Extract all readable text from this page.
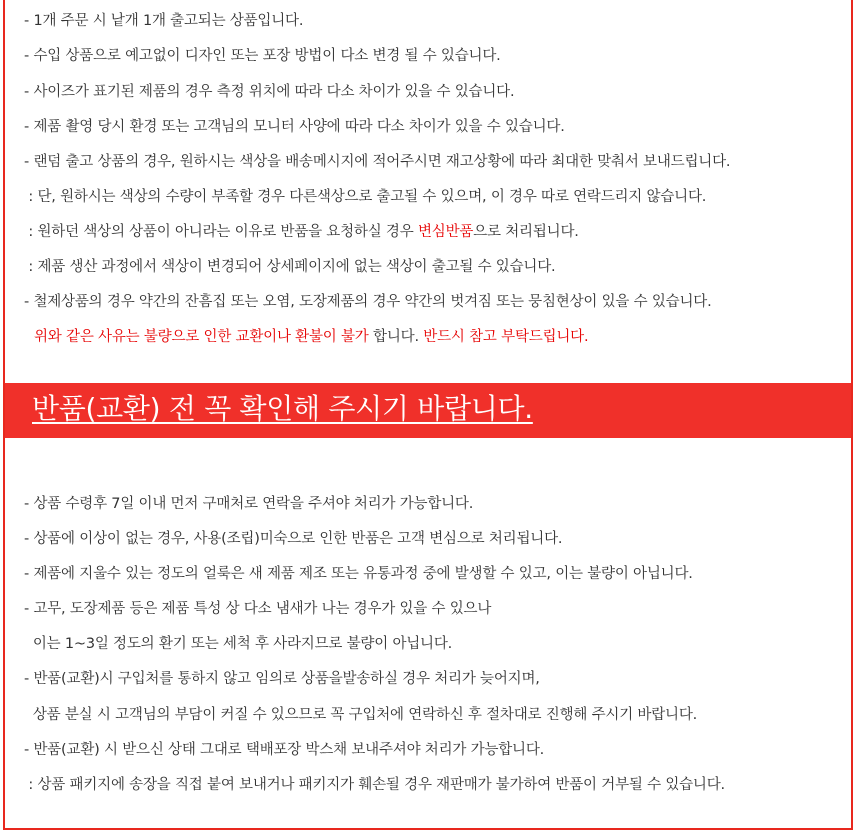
- 1개 주문 시 낱개 1개 출고되는 상품입니다.
- 수입 상품으로 예고없이 디자인 또는 포장 방법이 다소 변경 될 수 있습니다.
- 사이즈가 표기된 제품의 경우 측정 위치에 따라 다소 차이가 있을 수 있습니다.
- 제품 촬영 당시 환경 또는 고객님의 모니터 사양에 따라 다소 차이가 있을 수 있습니다.
- 랜덤 출고 상품의 경우, 원하시는 색상을 배송메시지에 적어주시면 재고상황에 따라 최대한 맞춰서 보내드립니다.
: 단, 원하시는 색상의 수량이 부족할 경우 다른색상으로 출고될 수 있으며, 이 경우 따로 연락드리지 않습니다.
: 원하던 색상의 상품이 아니라는 이유로 반품을 요청하실 경우 변심반품으로 처리됩니다.
: 제품 생산 과정에서 색상이 변경되어 상세페이지에 없는 색상이 출고될 수 있습니다.
- 철제상품의 경우 약간의 잔흠집 또는 오염, 도장제품의 경우 약간의 벗겨짐 또는 뭉침현상이 있을 수 있습니다.
위와 같은 사유는 불량으로 인한 교환이나 환불이 불가 합니다. 반드시 참고 부탁드립니다.
반품(교환) 전 꼭 확인해 주시기 바랍니다.
- 상품 수령후 7일 이내 먼저 구매처로 연락을 주셔야 처리가 가능합니다.
- 상품에 이상이 없는 경우, 사용(조립)미숙으로 인한 반품은 고객 변심으로 처리됩니다.
- 제품에 지울수 있는 정도의 얼룩은 새 제품 제조 또는 유통과정 중에 발생할 수 있고, 이는 불량이 아닙니다.
- 고무, 도장제품 등은 제품 특성 상 다소 냄새가 나는 경우가 있을 수 있으나
이는 1~3일 정도의 환기 또는 세척 후 사라지므로 불량이 아닙니다.
- 반품(교환)시 구입처를 통하지 않고 임의로 상품을발송하실 경우 처리가 늦어지며,
상품 분실 시 고객님의 부담이 커질 수 있으므로 꼭 구입처에 연락하신 후 절차대로 진행해 주시기 바랍니다.
- 반품(교환) 시 받으신 상태 그대로 택배포장 박스채 보내주셔야 처리가 가능합니다.
: 상품 패키지에 송장을 직접 붙여 보내거나 패키지가 훼손될 경우 재판매가 불가하여 반품이 거부될 수 있습니다.
